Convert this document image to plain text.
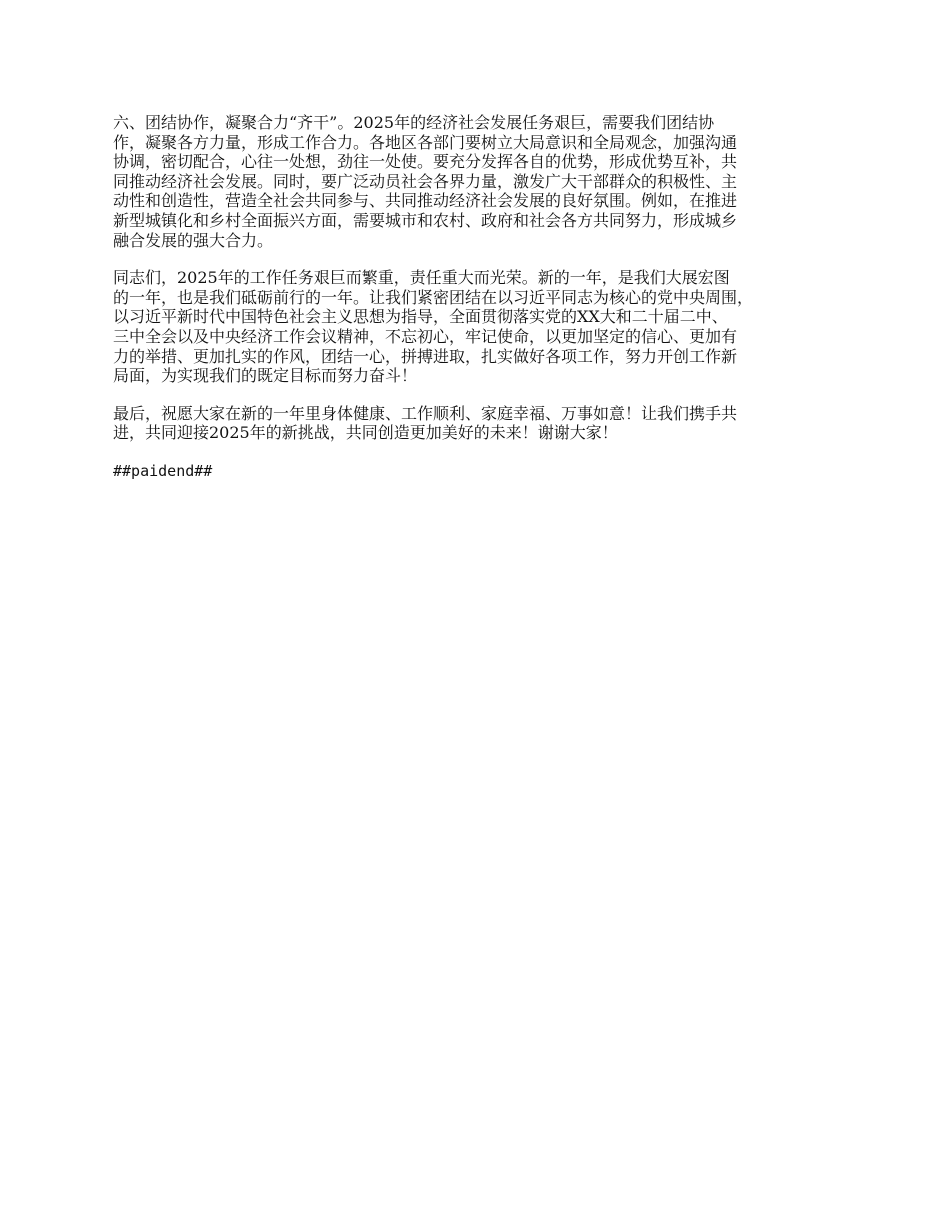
六、团结协作，凝聚合力“齐干”。2025年的经济社会发展任务艰巨，需要我们团结协
作，凝聚各方力量，形成工作合力。各地区各部门要树立大局意识和全局观念，加强沟通
协调，密切配合，心往一处想，劲往一处使。要充分发挥各自的优势，形成优势互补，共
同推动经济社会发展。同时，要广泛动员社会各界力量，激发广大干部群众的积极性、主
动性和创造性，营造全社会共同参与、共同推动经济社会发展的良好氛围。例如，在推进
新型城镇化和乡村全面振兴方面，需要城市和农村、政府和社会各方共同努力，形成城乡
融合发展的强大合力。

同志们，2025年的工作任务艰巨而繁重，责任重大而光荣。新的一年，是我们大展宏图
的一年，也是我们砥砺前行的一年。让我们紧密团结在以习近平同志为核心的党中央周围，
以习近平新时代中国特色社会主义思想为指导，全面贯彻落实党的XX大和二十届二中、
三中全会以及中央经济工作会议精神，不忘初心，牢记使命，以更加坚定的信心、更加有
力的举措、更加扎实的作风，团结一心，拼搏进取，扎实做好各项工作，努力开创工作新
局面，为实现我们的既定目标而努力奋斗！

最后，祝愿大家在新的一年里身体健康、工作顺利、家庭幸福、万事如意！让我们携手共
进，共同迎接2025年的新挑战，共同创造更加美好的未来！谢谢大家！

##paidend##
